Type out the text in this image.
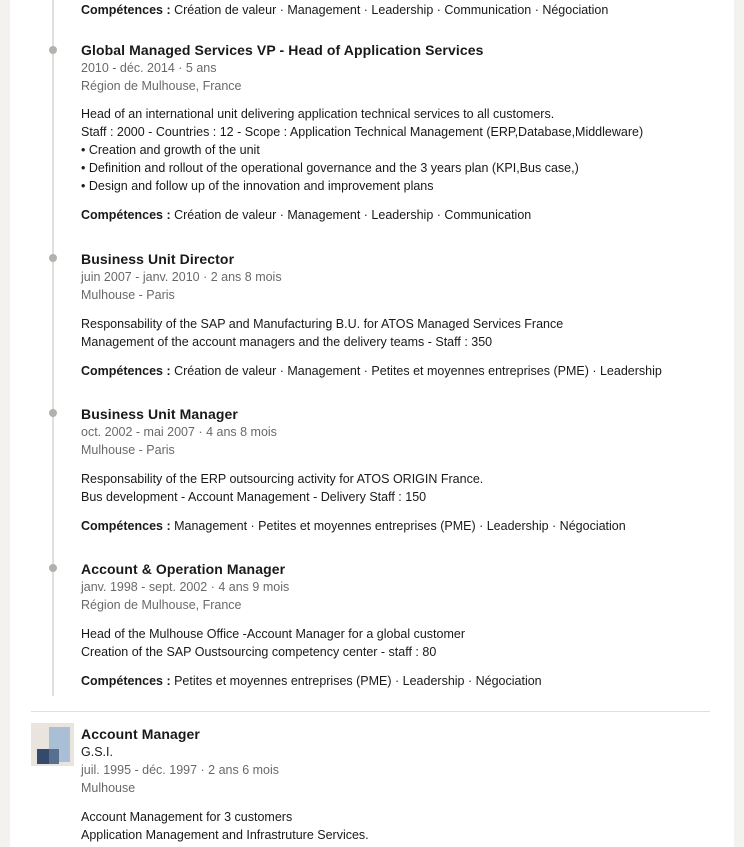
Compétences : Création de valeur · Management · Leadership · Communication · Négociation

Global Managed Services VP - Head of Application Services

2010 - déc. 2014 · 5 ans

Région de Mulhouse, France

Head of an international unit delivering application technical services to all customers.

Staff : 2000 - Countries : 12 - Scope : Application Technical Management (ERP,Database,Middleware)

• Creation and growth of the unit

• Definition and rollout of the operational governance and the 3 years plan (KPI,Bus case,)

• Design and follow up of the innovation and improvement plans

Compétences : Création de valeur · Management · Leadership · Communication

Business Unit Director

juin 2007 - janv. 2010 · 2 ans 8 mois

Mulhouse - Paris

Responsability of the SAP and Manufacturing B.U. for ATOS Managed Services France

Management of the account managers and the delivery teams - Staff : 350

Compétences : Création de valeur · Management · Petites et moyennes entreprises (PME) · Leadership

Business Unit Manager

oct. 2002 - mai 2007 · 4 ans 8 mois

Mulhouse - Paris

Responsability of the ERP outsourcing activity for ATOS ORIGIN France.

Bus development - Account Management - Delivery Staff : 150

Compétences : Management · Petites et moyennes entreprises (PME) · Leadership · Négociation

Account & Operation Manager

janv. 1998 - sept. 2002 · 4 ans 9 mois

Région de Mulhouse, France

Head of the Mulhouse Office -Account Manager for a global customer

Creation of the SAP Oustsourcing competency center - staff : 80

Compétences : Petites et moyennes entreprises (PME) · Leadership · Négociation

Account Manager

G.S.I.

juil. 1995 - déc. 1997 · 2 ans 6 mois

Mulhouse

Account Management for 3 customers

Application Management and Infrastruture Services.
